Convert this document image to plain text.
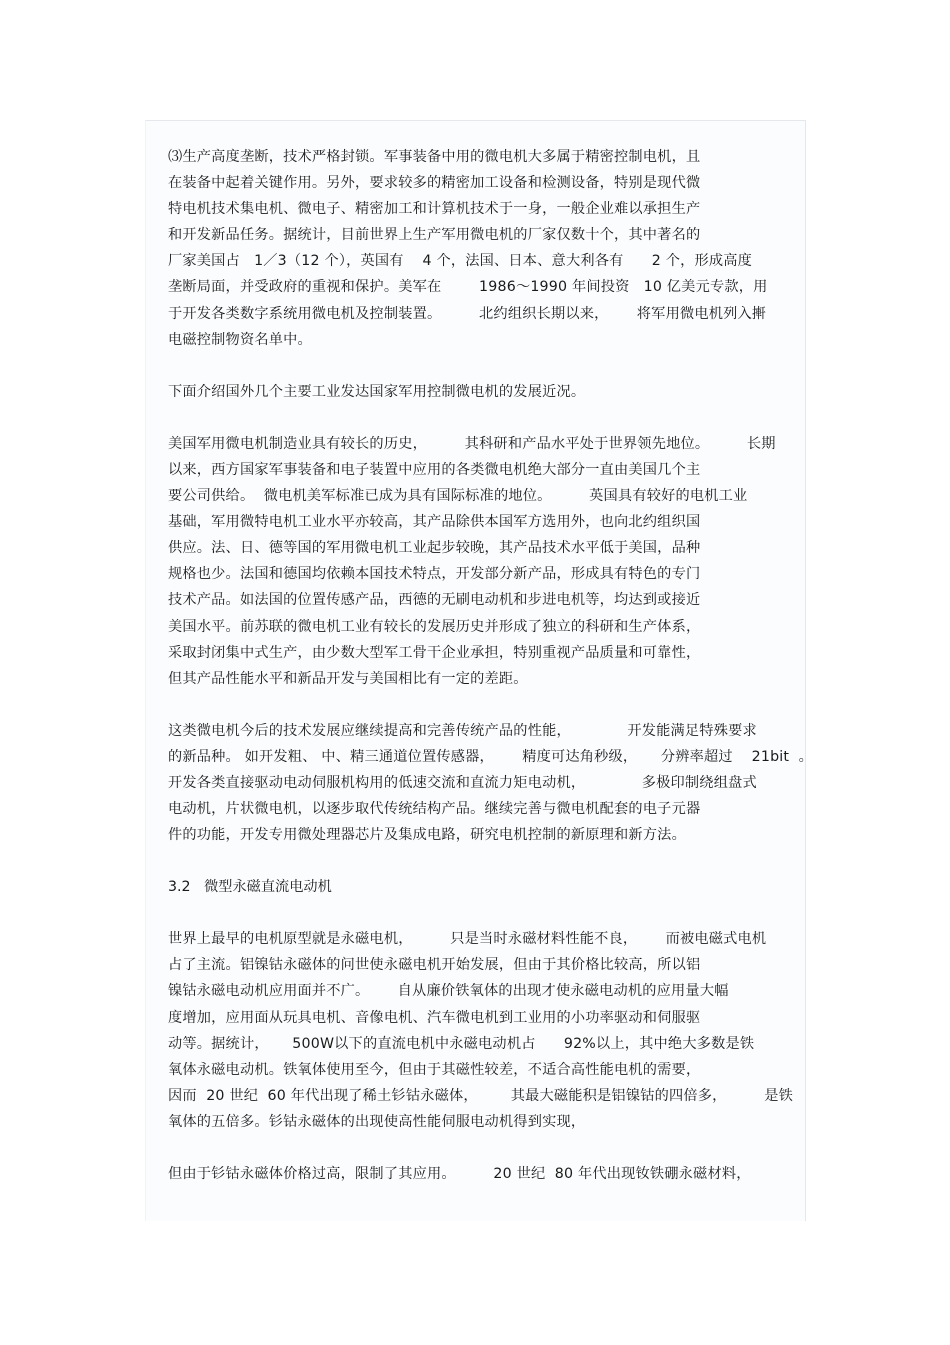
⑶生产高度垄断，技术严格封锁。军事装备中用的微电机大多属于精密控制电机，且
在装备中起着关键作用。另外，要求较多的精密加工设备和检测设备，特别是现代微
特电机技术集电机、微电子、精密加工和计算机技术于一身，一般企业难以承担生产
和开发新品任务。据统计，目前世界上生产军用微电机的厂家仅数十个，其中著名的
厂家美国占   1／3（12 个），英国有    4 个，法国、日本、意大利各有      2 个，形成高度
垄断局面，并受政府的重视和保护。美军在        1986～1990 年间投资   10 亿美元专款，用
于开发各类数字系统用微电机及控制装置。        北约组织长期以来，      将军用微电机列入搟
电磁控制物资名单中。
下面介绍国外几个主要工业发达国家军用控制微电机的发展近况。
美国军用微电机制造业具有较长的历史，        其科研和产品水平处于世界领先地位。        长期
以来，西方国家军事装备和电子装置中应用的各类微电机绝大部分一直由美国几个主
要公司供给。  微电机美军标准已成为具有国际标准的地位。        英国具有较好的电机工业
基础，军用微特电机工业水平亦较高，其产品除供本国军方选用外，也向北约组织国
供应。法、日、德等国的军用微电机工业起步较晚，其产品技术水平低于美国，品种
规格也少。法国和德国均依赖本国技术特点，开发部分新产品，形成具有特色的专门
技术产品。如法国的位置传感产品，西德的无刷电动机和步进电机等，均达到或接近
美国水平。前苏联的微电机工业有较长的发展历史并形成了独立的科研和生产体系，
采取封闭集中式生产，由少数大型军工骨干企业承担，特别重视产品质量和可靠性，
但其产品性能水平和新品开发与美国相比有一定的差距。
这类微电机今后的技术发展应继续提高和完善传统产品的性能，            开发能满足特殊要求
的新品种。 如开发粗、 中、精三通道位置传感器，      精度可达角秒级，     分辨率超过    21bit  。
开发各类直接驱动电动伺服机构用的低速交流和直流力矩电动机，            多极印制绕组盘式
电动机，片状微电机，以逐步取代传统结构产品。继续完善与微电机配套的电子元器
件的功能，开发专用微处理器芯片及集成电路，研究电机控制的新原理和新方法。
3.2   微型永磁直流电动机
世界上最早的电机原型就是永磁电机，        只是当时永磁材料性能不良，      而被电磁式电机
占了主流。铝镍钴永磁体的问世使永磁电机开始发展，但由于其价格比较高，所以铝
镍钴永磁电动机应用面并不广。      自从廉价铁氧体的出现才使永磁电动机的应用量大幅
度增加，应用面从玩具电机、音像电机、汽车微电机到工业用的小功率驱动和伺服驱
动等。据统计，     500W以下的直流电机中永磁电动机占      92%以上，其中绝大多数是铁
氧体永磁电动机。铁氧体使用至今，但由于其磁性较差，不适合高性能电机的需要，
因而  20 世纪  60 年代出现了稀土钐钴永磁体，       其最大磁能积是铝镍钴的四倍多，        是铁
氧体的五倍多。钐钴永磁体的出现使高性能伺服电动机得到实现，
但由于钐钴永磁体价格过高，限制了其应用。        20 世纪  80 年代出现钕铁硼永磁材料，
